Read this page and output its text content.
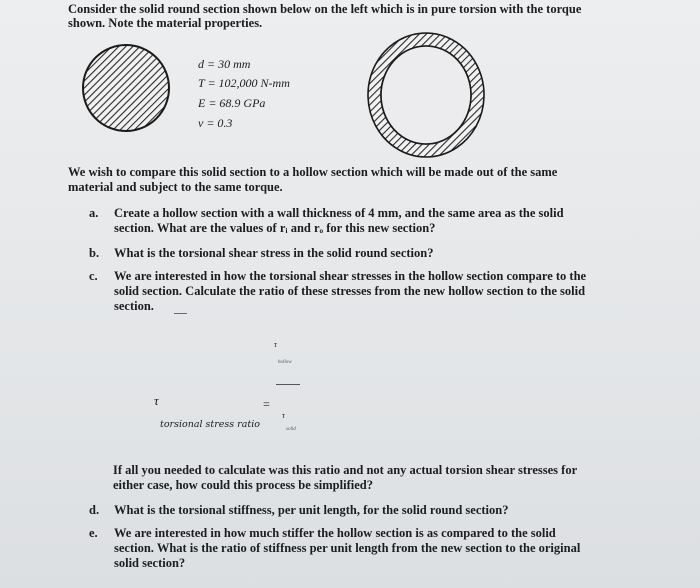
Consider the solid round section shown below on the left which is in pure torsion with the torque
shown. Note the material properties.
d = 30 mm
T = 102,000 N-mm
E = 68.9 GPa
ν = 0.3
We wish to compare this solid section to a hollow section which will be made out of the same
material and subject to the same torque.
a. Create a hollow section with a wall thickness of 4 mm, and the same area as the solid
section. What are the values of rᵢ and rₒ for this new section?
b. What is the torsional shear stress in the solid round section?
c. We are interested in how the torsional shear stresses in the hollow section compare to the
solid section. Calculate the ratio of these stresses from the new hollow section to the solid
section.
τ
torsional stress ratio
=
τ
hollow
τ
solid
If all you needed to calculate was this ratio and not any actual torsion shear stresses for
either case, how could this process be simplified?
d. What is the torsional stiffness, per unit length, for the solid round section?
e. We are interested in how much stiffer the hollow section is as compared to the solid
section. What is the ratio of stiffness per unit length from the new section to the original
solid section?
